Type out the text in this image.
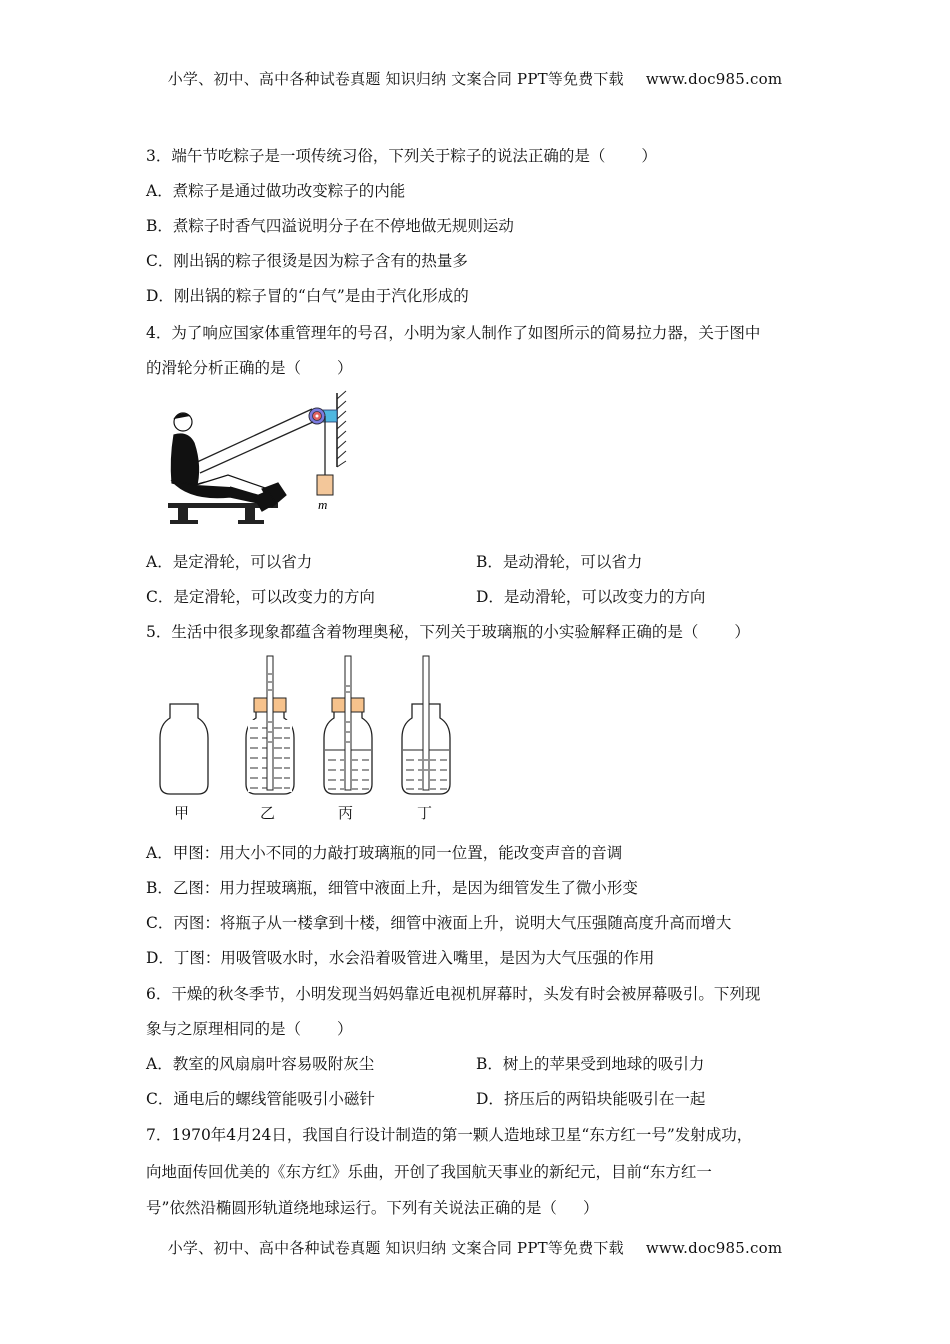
小学、初中、高中各种试卷真题 知识归纳 文案合同 PPT等免费下载 www.doc985.com
3．端午节吃粽子是一项传统习俗，下列关于粽子的说法正确的是（ ）
A．煮粽子是通过做功改变粽子的内能
B．煮粽子时香气四溢说明分子在不停地做无规则运动
C．刚出锅的粽子很烫是因为粽子含有的热量多
D．刚出锅的粽子冒的“白气”是由于汽化形成的
4．为了响应国家体重管理年的号召，小明为家人制作了如图所示的简易拉力器，关于图中
的滑轮分析正确的是（ ）
m
A．是定滑轮，可以省力	B．是动滑轮，可以省力
C．是定滑轮，可以改变力的方向	D．是动滑轮，可以改变力的方向
5．生活中很多现象都蕴含着物理奥秘，下列关于玻璃瓶的小实验解释正确的是（ ）
甲	乙	丙	丁
A．甲图：用大小不同的力敲打玻璃瓶的同一位置，能改变声音的音调
B．乙图：用力捏玻璃瓶，细管中液面上升，是因为细管发生了微小形变
C．丙图：将瓶子从一楼拿到十楼，细管中液面上升，说明大气压强随高度升高而增大
D．丁图：用吸管吸水时，水会沿着吸管进入嘴里，是因为大气压强的作用
6．干燥的秋冬季节，小明发现当妈妈靠近电视机屏幕时，头发有时会被屏幕吸引。下列现
象与之原理相同的是（ ）
A．教室的风扇扇叶容易吸附灰尘	B．树上的苹果受到地球的吸引力
C．通电后的螺线管能吸引小磁针	D．挤压后的两铅块能吸引在一起
7．1970年4月24日，我国自行设计制造的第一颗人造地球卫星“东方红一号”发射成功，
向地面传回优美的《东方红》乐曲，开创了我国航天事业的新纪元，目前“东方红一
号”依然沿椭圆形轨道绕地球运行。下列有关说法正确的是（ ）
小学、初中、高中各种试卷真题 知识归纳 文案合同 PPT等免费下载 www.doc985.com
